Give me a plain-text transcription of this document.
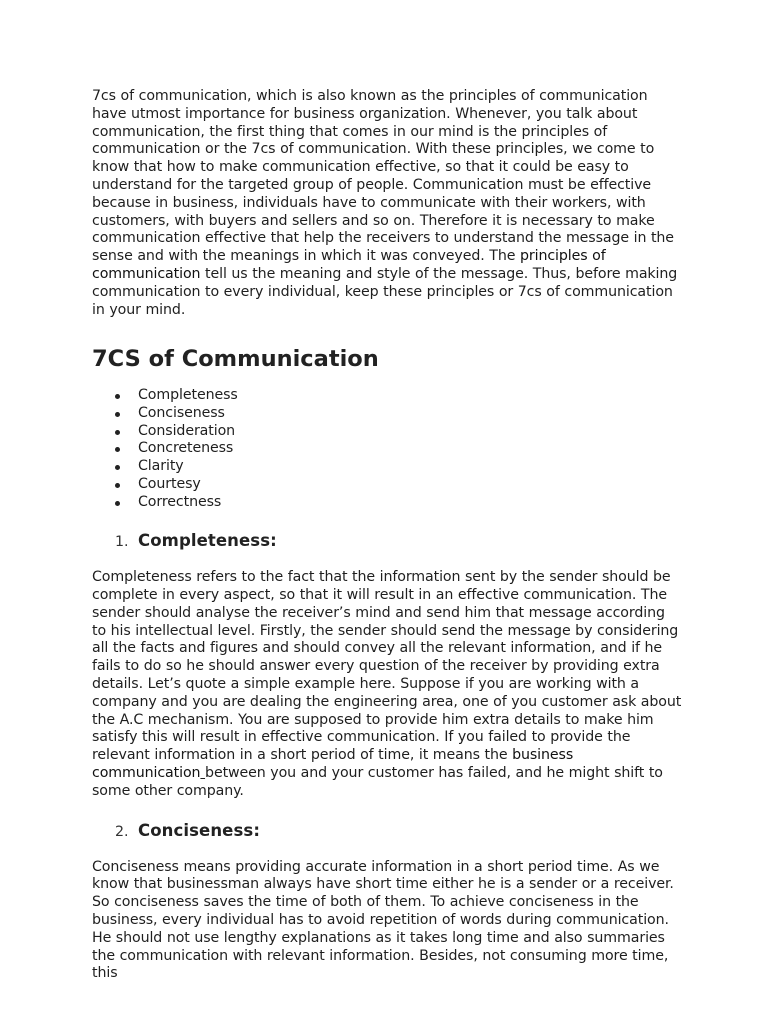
7cs of communication, which is also known as the principles of communication have utmost importance for business organization. Whenever, you talk about communication, the first thing that comes in our mind is the principles of communication or the 7cs of communication. With these principles, we come to know that how to make communication effective, so that it could be easy to understand for the targeted group of people. Communication must be effective because in business, individuals have to communicate with their workers, with customers, with buyers and sellers and so on. Therefore it is necessary to make communication effective that help the receivers to understand the message in the sense and with the meanings in which it was conveyed. The principles of communication tell us the meaning and style of the message. Thus, before making communication to every individual, keep these principles or 7cs of communication in your mind.

7CS of Communication
Completeness
Conciseness
Consideration
Concreteness
Clarity
Courtesy
Correctness
1. Completeness:

Completeness refers to the fact that the information sent by the sender should be complete in every aspect, so that it will result in an effective communication. The sender should analyse the receiver’s mind and send him that message according to his intellectual level. Firstly, the sender should send the message by considering all the facts and figures and should convey all the relevant information, and if he fails to do so he should answer every question of the receiver by providing extra details. Let’s quote a simple example here. Suppose if you are working with a company and you are dealing the engineering area, one of you customer ask about the A.C mechanism. You are supposed to provide him extra details to make him satisfy this will result in effective communication. If you failed to provide the relevant information in a short period of time, it means the business communication between you and your customer has failed, and he might shift to some other company.

2. Conciseness:

Conciseness means providing accurate information in a short period time. As we know that businessman always have short time either he is a sender or a receiver. So conciseness saves the time of both of them. To achieve conciseness in the business, every individual has to avoid repetition of words during communication. He should not use lengthy explanations as it takes long time and also summaries the communication with relevant information. Besides, not consuming more time, this
